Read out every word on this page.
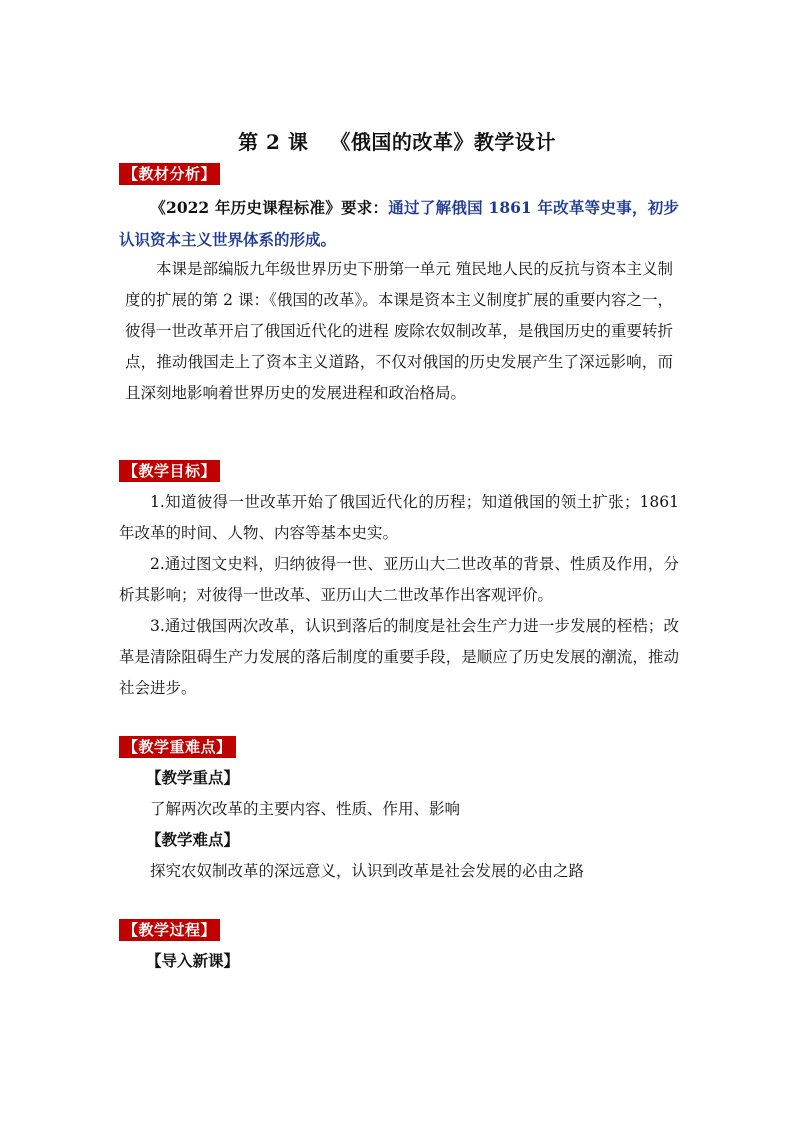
第 2 课 《俄国的改革》教学设计
【教材分析】
《2022 年历史课程标准》要求：通过了解俄国 1861 年改革等史事，初步认识资本主义世界体系的形成。
本课是部编版九年级世界历史下册第一单元 殖民地人民的反抗与资本主义制度的扩展的第 2 课：《俄国的改革》。本课是资本主义制度扩展的重要内容之一，彼得一世改革开启了俄国近代化的进程 废除农奴制改革，是俄国历史的重要转折点，推动俄国走上了资本主义道路，不仅对俄国的历史发展产生了深远影响，而且深刻地影响着世界历史的发展进程和政治格局。
【教学目标】
1.知道彼得一世改革开始了俄国近代化的历程；知道俄国的领土扩张；1861 年改革的时间、人物、内容等基本史实。
2.通过图文史料，归纳彼得一世、亚历山大二世改革的背景、性质及作用，分析其影响；对彼得一世改革、亚历山大二世改革作出客观评价。
3.通过俄国两次改革，认识到落后的制度是社会生产力进一步发展的桎梏；改革是清除阻碍生产力发展的落后制度的重要手段，是顺应了历史发展的潮流，推动社会进步。
【教学重难点】
【教学重点】
了解两次改革的主要内容、性质、作用、影响
【教学难点】
探究农奴制改革的深远意义，认识到改革是社会发展的必由之路
【教学过程】
【导入新课】
